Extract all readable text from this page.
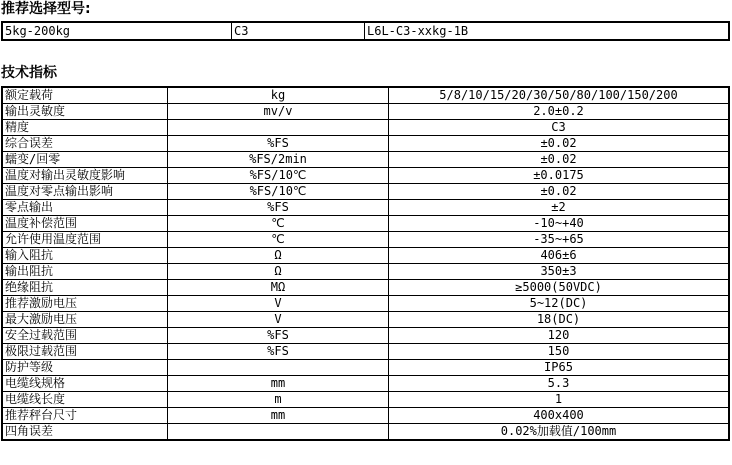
推荐选择型号:
5kg-200kg	C3	L6L-C3-xxkg-1B
技术指标
额定载荷	kg	5/8/10/15/20/30/50/80/100/150/200
输出灵敏度	mv/v	2.0±0.2
精度		C3
综合误差	%FS	±0.02
蠕变/回零	%FS/2min	±0.02
温度对输出灵敏度影响	%FS/10℃	±0.0175
温度对零点输出影响	%FS/10℃	±0.02
零点输出	%FS	±2
温度补偿范围	℃	-10~+40
允许使用温度范围	℃	-35~+65
输入阻抗	Ω	406±6
输出阻抗	Ω	350±3
绝缘阻抗	MΩ	≥5000(50VDC)
推荐激励电压	V	5~12(DC)
最大激励电压	V	18(DC)
安全过载范围	%FS	120
极限过载范围	%FS	150
防护等级		IP65
电缆线规格	mm	5.3
电缆线长度	m	1
推荐秤台尺寸	mm	400x400
四角误差		0.02%加载值/100mm
